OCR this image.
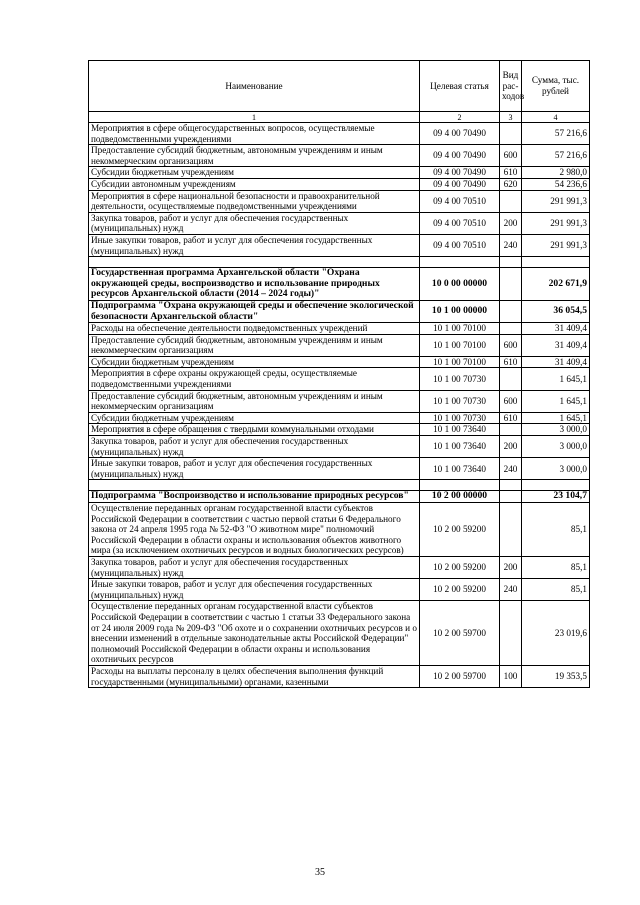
Наименование	Целевая статья	Вид рас-ходов	Сумма, тыс. рублей
1	2	3	4
Мероприятия в сфере общегосударственных вопросов, осуществляемые подведомственными учреждениями	09 4 00 70490		57 216,6
Предоставление субсидий бюджетным, автономным учреждениям и иным некоммерческим организациям	09 4 00 70490	600	57 216,6
Субсидии бюджетным учреждениям	09 4 00 70490	610	2 980,0
Субсидии автономным учреждениям	09 4 00 70490	620	54 236,6
Мероприятия в сфере национальной безопасности и правоохранительной деятельности, осуществляемые подведомственными учреждениями	09 4 00 70510		291 991,3
Закупка товаров, работ и услуг для обеспечения государственных (муниципальных) нужд	09 4 00 70510	200	291 991,3
Иные закупки товаров, работ и услуг для обеспечения государственных (муниципальных) нужд	09 4 00 70510	240	291 991,3

Государственная программа Архангельской области "Охрана окружающей среды, воспроизводство и использование природных ресурсов Архангельской области (2014 – 2024 годы)"	10 0 00 00000		202 671,9
Подпрограмма "Охрана окружающей среды и обеспечение экологической безопасности Архангельской области"	10 1 00 00000		36 054,5
Расходы на обеспечение деятельности подведомственных учреждений	10 1 00 70100		31 409,4
Предоставление субсидий бюджетным, автономным учреждениям и иным некоммерческим организациям	10 1 00 70100	600	31 409,4
Субсидии бюджетным учреждениям	10 1 00 70100	610	31 409,4
Мероприятия в сфере охраны окружающей среды, осуществляемые подведомственными учреждениями	10 1 00 70730		1 645,1
Предоставление субсидий бюджетным, автономным учреждениям и иным некоммерческим организациям	10 1 00 70730	600	1 645,1
Субсидии бюджетным учреждениям	10 1 00 70730	610	1 645,1
Мероприятия в сфере обращения с твердыми коммунальными отходами	10 1 00 73640		3 000,0
Закупка товаров, работ и услуг для обеспечения государственных (муниципальных) нужд	10 1 00 73640	200	3 000,0
Иные закупки товаров, работ и услуг для обеспечения государственных (муниципальных) нужд	10 1 00 73640	240	3 000,0

Подпрограмма "Воспроизводство и использование природных ресурсов"	10 2 00 00000		23 104,7
Осуществление переданных органам государственной власти субъектов Российской Федерации в соответствии с частью первой статьи 6 Федерального закона от 24 апреля 1995 года № 52-ФЗ "О животном мире" полномочий Российской Федерации в области охраны и использования объектов животного мира (за исключением охотничьих ресурсов и водных биологических ресурсов)	10 2 00 59200		85,1
Закупка товаров, работ и услуг для обеспечения государственных (муниципальных) нужд	10 2 00 59200	200	85,1
Иные закупки товаров, работ и услуг для обеспечения государственных (муниципальных) нужд	10 2 00 59200	240	85,1
Осуществление переданных органам государственной власти субъектов Российской Федерации в соответствии с частью 1 статьи 33 Федерального закона от 24 июля 2009 года № 209-ФЗ "Об охоте и о сохранении охотничьих ресурсов и о внесении изменений в отдельные законодательные акты Российской Федерации" полномочий Российской Федерации в области охраны и использования охотничьих ресурсов	10 2 00 59700		23 019,6
Расходы на выплаты персоналу в целях обеспечения выполнения функций государственными (муниципальными) органами, казенными	10 2 00 59700	100	19 353,5
35
